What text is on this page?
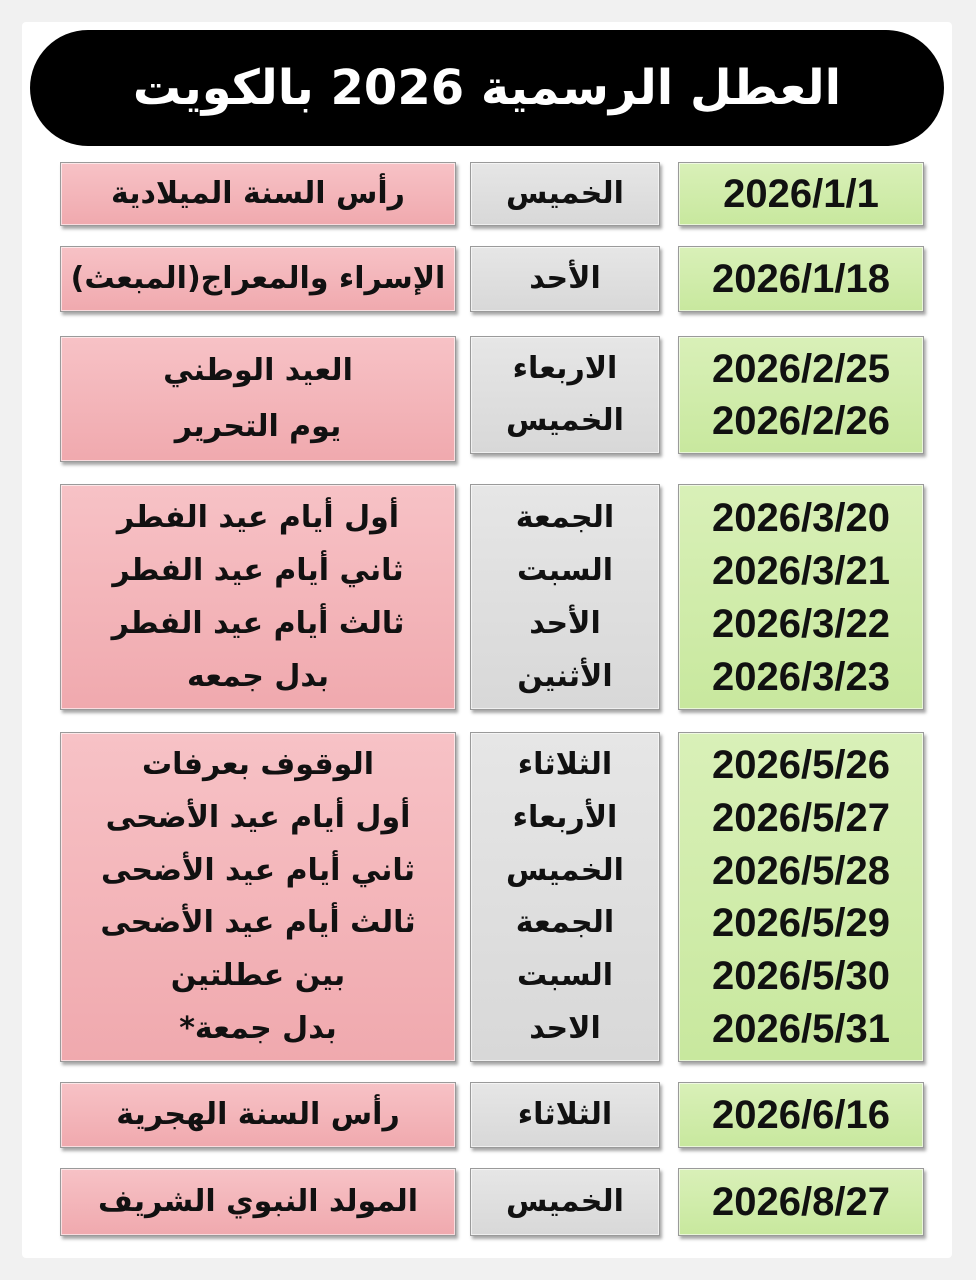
العطل الرسمية 2026 بالكويت
2026/1/1
الخميس
رأس السنة الميلادية
2026/1/18
الأحد
الإسراء والمعراج(المبعث)
2026/2/25
2026/2/26
الاربعاء
الخميس
العيد الوطني
يوم التحرير
2026/3/20
2026/3/21
2026/3/22
2026/3/23
الجمعة
السبت
الأحد
الأثنين
أول أيام عيد الفطر
ثاني أيام عيد الفطر
ثالث أيام عيد الفطر
بدل جمعه
2026/5/26
2026/5/27
2026/5/28
2026/5/29
2026/5/30
2026/5/31
الثلاثاء
الأربعاء
الخميس
الجمعة
السبت
الاحد
الوقوف بعرفات
أول أيام عيد الأضحى
ثاني أيام عيد الأضحى
ثالث أيام عيد الأضحى
بين عطلتين
بدل جمعة*
2026/6/16
الثلاثاء
رأس السنة الهجرية
2026/8/27
الخميس
المولد النبوي الشريف
